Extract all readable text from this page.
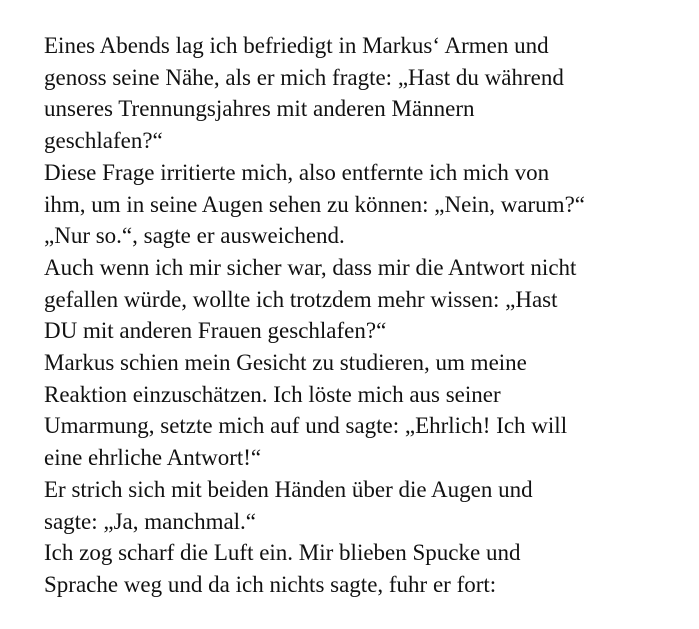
Eines Abends lag ich befriedigt in Markus‘ Armen und
genoss seine Nähe, als er mich fragte: „Hast du während
unseres Trennungsjahres mit anderen Männern
geschlafen?“
Diese Frage irritierte mich, also entfernte ich mich von
ihm, um in seine Augen sehen zu können: „Nein, warum?“
„Nur so.“, sagte er ausweichend.
Auch wenn ich mir sicher war, dass mir die Antwort nicht
gefallen würde, wollte ich trotzdem mehr wissen: „Hast
DU mit anderen Frauen geschlafen?“
Markus schien mein Gesicht zu studieren, um meine
Reaktion einzuschätzen. Ich löste mich aus seiner
Umarmung, setzte mich auf und sagte: „Ehrlich! Ich will
eine ehrliche Antwort!“
Er strich sich mit beiden Händen über die Augen und
sagte: „Ja, manchmal.“
Ich zog scharf die Luft ein. Mir blieben Spucke und
Sprache weg und da ich nichts sagte, fuhr er fort:
